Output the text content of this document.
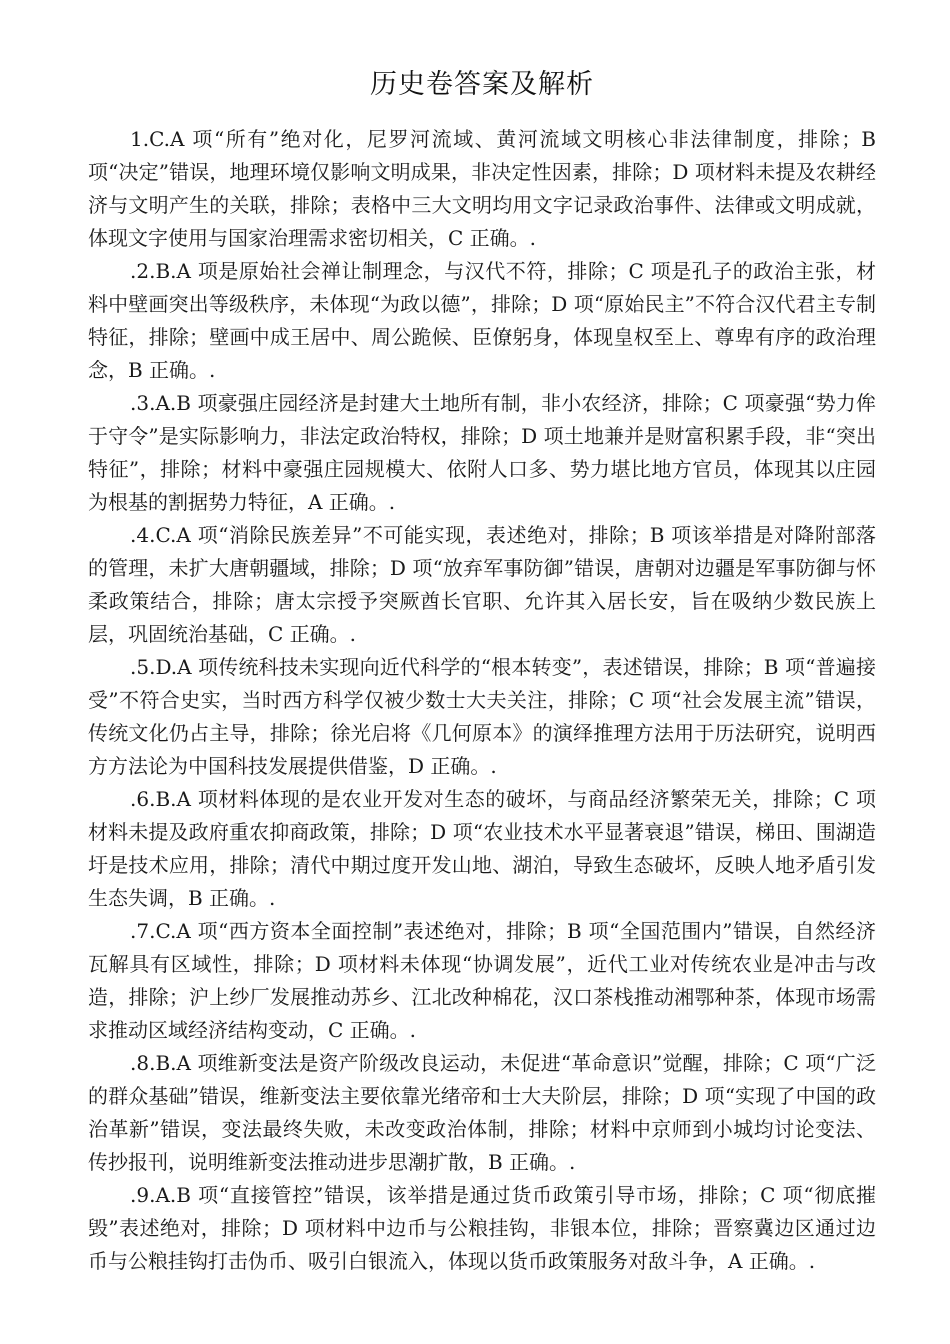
历史卷答案及解析

1.C.A 项“所有”绝对化，尼罗河流域、黄河流域文明核心非法律制度，排除；B 项“决定”错误，地理环境仅影响文明成果，非决定性因素，排除；D 项材料未提及农耕经济与文明产生的关联，排除；表格中三大文明均用文字记录政治事件、法律或文明成就，体现文字使用与国家治理需求密切相关，C 正确。.

.2.B.A 项是原始社会禅让制理念，与汉代不符，排除；C 项是孔子的政治主张，材料中壁画突出等级秩序，未体现“为政以德”，排除；D 项“原始民主”不符合汉代君主专制特征，排除；壁画中成王居中、周公跪候、臣僚躬身，体现皇权至上、尊卑有序的政治理念，B 正确。.

.3.A.B 项豪强庄园经济是封建大土地所有制，非小农经济，排除；C 项豪强“势力侔于守令”是实际影响力，非法定政治特权，排除；D 项土地兼并是财富积累手段，非“突出特征”，排除；材料中豪强庄园规模大、依附人口多、势力堪比地方官员，体现其以庄园为根基的割据势力特征，A 正确。.

.4.C.A 项“消除民族差异”不可能实现，表述绝对，排除；B 项该举措是对降附部落的管理，未扩大唐朝疆域，排除；D 项“放弃军事防御”错误，唐朝对边疆是军事防御与怀柔政策结合，排除；唐太宗授予突厥酋长官职、允许其入居长安，旨在吸纳少数民族上层，巩固统治基础，C 正确。.

.5.D.A 项传统科技未实现向近代科学的“根本转变”，表述错误，排除；B 项“普遍接受”不符合史实，当时西方科学仅被少数士大夫关注，排除；C 项“社会发展主流”错误，传统文化仍占主导，排除；徐光启将《几何原本》的演绎推理方法用于历法研究，说明西方方法论为中国科技发展提供借鉴，D 正确。.

.6.B.A 项材料体现的是农业开发对生态的破坏，与商品经济繁荣无关，排除；C 项材料未提及政府重农抑商政策，排除；D 项“农业技术水平显著衰退”错误，梯田、围湖造圩是技术应用，排除；清代中期过度开发山地、湖泊，导致生态破坏，反映人地矛盾引发生态失调，B 正确。.

.7.C.A 项“西方资本全面控制”表述绝对，排除；B 项“全国范围内”错误，自然经济瓦解具有区域性，排除；D 项材料未体现“协调发展”，近代工业对传统农业是冲击与改造，排除；沪上纱厂发展推动苏乡、江北改种棉花，汉口茶栈推动湘鄂种茶，体现市场需求推动区域经济结构变动，C 正确。.

.8.B.A 项维新变法是资产阶级改良运动，未促进“革命意识”觉醒，排除；C 项“广泛的群众基础”错误，维新变法主要依靠光绪帝和士大夫阶层，排除；D 项“实现了中国的政治革新”错误，变法最终失败，未改变政治体制，排除；材料中京师到小城均讨论变法、传抄报刊，说明维新变法推动进步思潮扩散，B 正确。.

.9.A.B 项“直接管控”错误，该举措是通过货币政策引导市场，排除；C 项“彻底摧毁”表述绝对，排除；D 项材料中边币与公粮挂钩，非银本位，排除；晋察冀边区通过边币与公粮挂钩打击伪币、吸引白银流入，体现以货币政策服务对敌斗争，A 正确。.
